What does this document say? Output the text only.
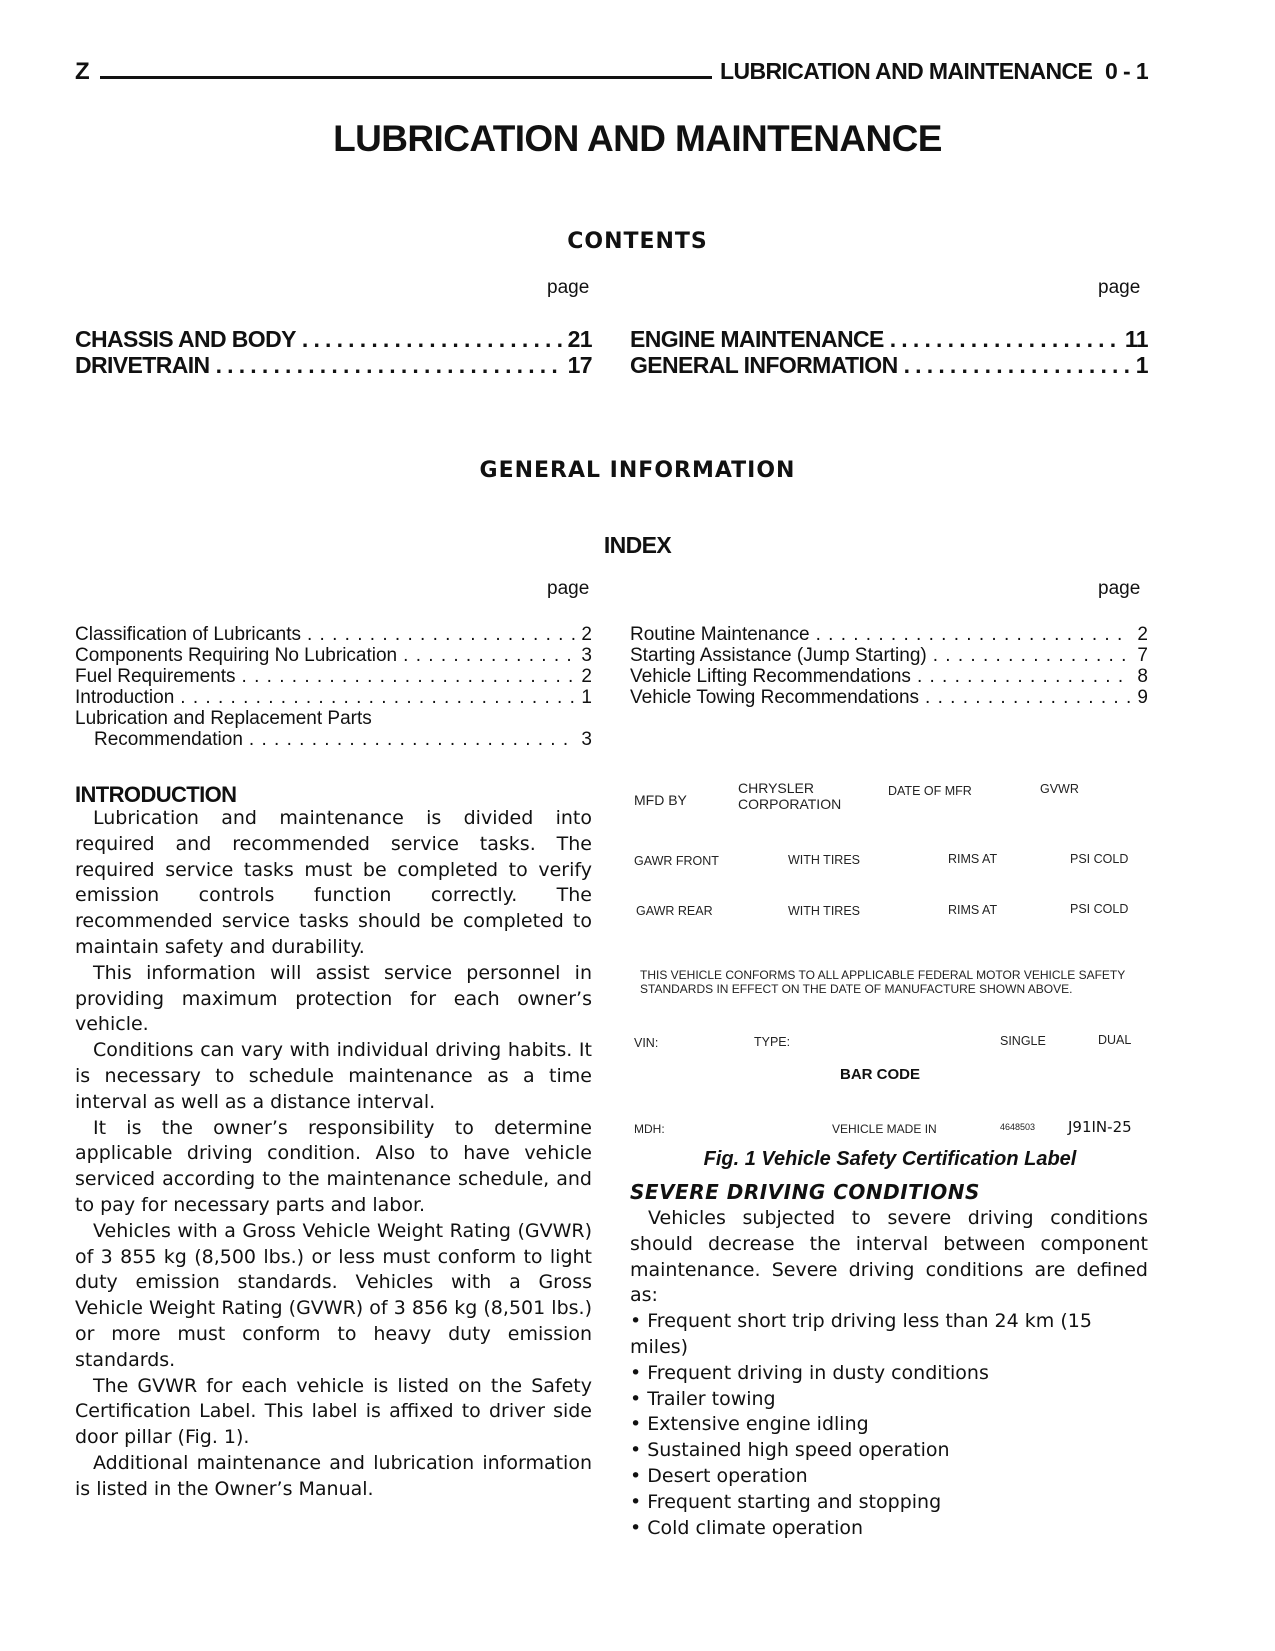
Z	LUBRICATION AND MAINTENANCE 0 - 1
LUBRICATION AND MAINTENANCE
CONTENTS
page	page
CHASSIS AND BODY . . .	21
DRIVETRAIN . . .	17
ENGINE MAINTENANCE . . .	11
GENERAL INFORMATION . . .	1
GENERAL INFORMATION
INDEX
page	page
Classification of Lubricants . . .	2
Components Requiring No Lubrication . . .	3
Fuel Requirements . . .	2
Introduction . . .	1
Lubrication and Replacement Parts
Recommendation . . .	3
Routine Maintenance . . .	2
Starting Assistance (Jump Starting) . . .	7
Vehicle Lifting Recommendations . . .	8
Vehicle Towing Recommendations . . .	9
INTRODUCTION

Lubrication and maintenance is divided into required and recommended service tasks. The required service tasks must be completed to verify emission controls function correctly. The recommended service tasks should be completed to maintain safety and durability.

This information will assist service personnel in providing maximum protection for each owner’s vehicle.

Conditions can vary with individual driving habits. It is necessary to schedule maintenance as a time interval as well as a distance interval.

It is the owner’s responsibility to determine applicable driving condition. Also to have vehicle serviced according to the maintenance schedule, and to pay for necessary parts and labor.

Vehicles with a Gross Vehicle Weight Rating (GVWR) of 3 855 kg (8,500 lbs.) or less must conform to light duty emission standards. Vehicles with a Gross Vehicle Weight Rating (GVWR) of 3 856 kg (8,501 lbs.) or more must conform to heavy duty emission standards.

The GVWR for each vehicle is listed on the Safety Certification Label. This label is affixed to driver side door pillar (Fig. 1).

Additional maintenance and lubrication information is listed in the Owner’s Manual.

MFD BY
CHRYSLER
CORPORATION
DATE OF MFR	GVWR
GAWR FRONT	WITH TIRES	RIMS AT	PSI COLD
GAWR REAR	WITH TIRES	RIMS AT	PSI COLD
THIS VEHICLE CONFORMS TO ALL APPLICABLE FEDERAL MOTOR VEHICLE SAFETY
STANDARDS IN EFFECT ON THE DATE OF MANUFACTURE SHOWN ABOVE.
VIN:	TYPE:	SINGLE	DUAL
BAR CODE
MDH:	VEHICLE MADE IN	4648503 J91IN-25
Fig. 1 Vehicle Safety Certification Label
SEVERE DRIVING CONDITIONS

Vehicles subjected to severe driving conditions should decrease the interval between component maintenance. Severe driving conditions are defined as:

• Frequent short trip driving less than 24 km (15 miles)
• Frequent driving in dusty conditions
• Trailer towing
• Extensive engine idling
• Sustained high speed operation
• Desert operation
• Frequent starting and stopping
• Cold climate operation
